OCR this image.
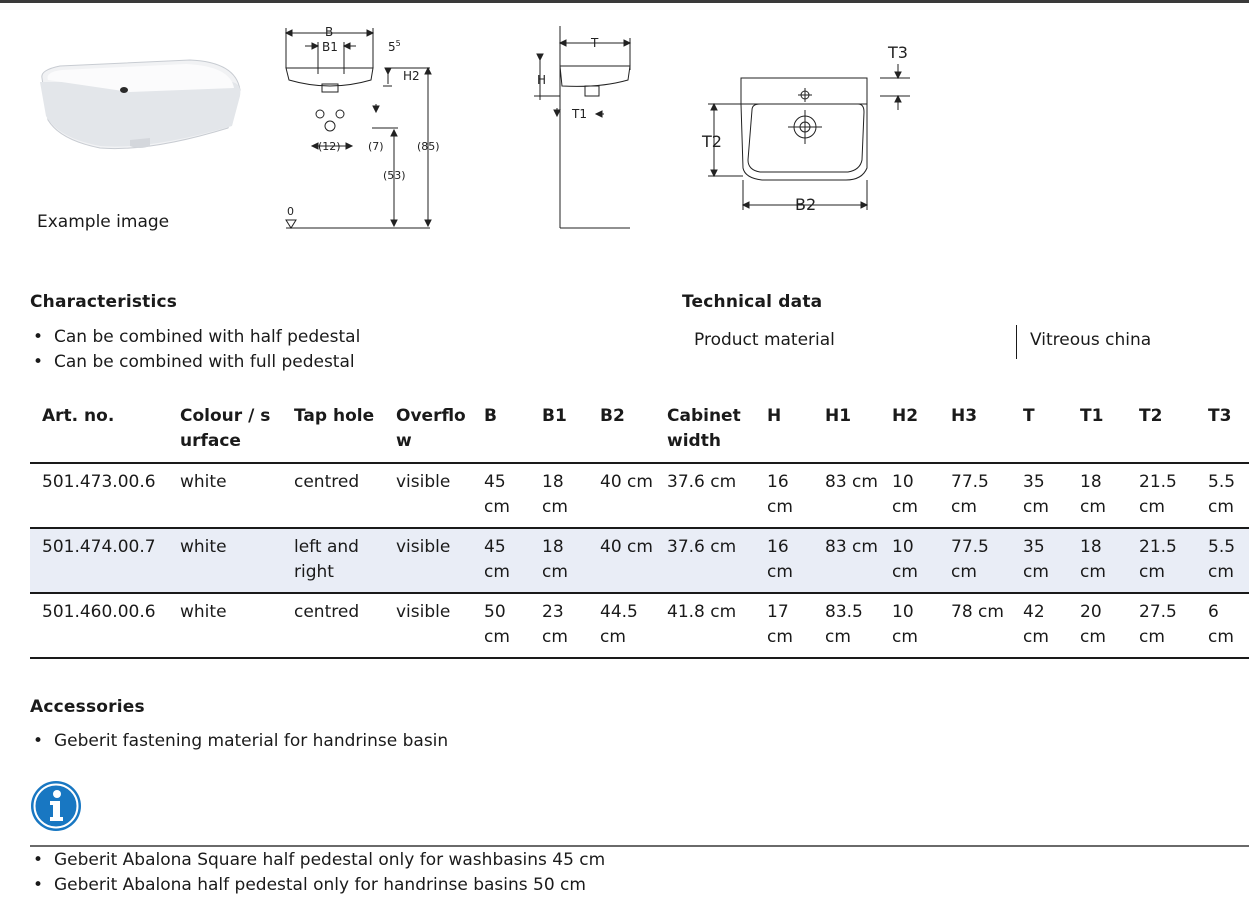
B
B1	$5^5$
H2
(12) (7)	(85)
(53)
0
T
H
T1
T3
T2
B2
Example image
Characteristics
• Can be combined with half pedestal
• Can be combined with full pedestal
Technical data
Product material	Vitreous china
Art. no.	Colour / surface	Tap hole	Overflow	B	B1	B2	Cabinet width	H	H1	H2	H3	T	T1	T2	T3
501.473.00.6	white	centred	visible	45 cm	18 cm	40 cm	37.6 cm	16 cm	83 cm	10 cm	77.5 cm	35 cm	18 cm	21.5 cm	5.5 cm
501.474.00.7	white	left and right	visible	45 cm	18 cm	40 cm	37.6 cm	16 cm	83 cm	10 cm	77.5 cm	35 cm	18 cm	21.5 cm	5.5 cm
501.460.00.6	white	centred	visible	50 cm	23 cm	44.5 cm	41.8 cm	17 cm	83.5 cm	10 cm	78 cm	42 cm	20 cm	27.5 cm	6 cm
Accessories
• Geberit fastening material for handrinse basin
• Geberit Abalona Square half pedestal only for washbasins 45 cm
• Geberit Abalona half pedestal only for handrinse basins 50 cm
